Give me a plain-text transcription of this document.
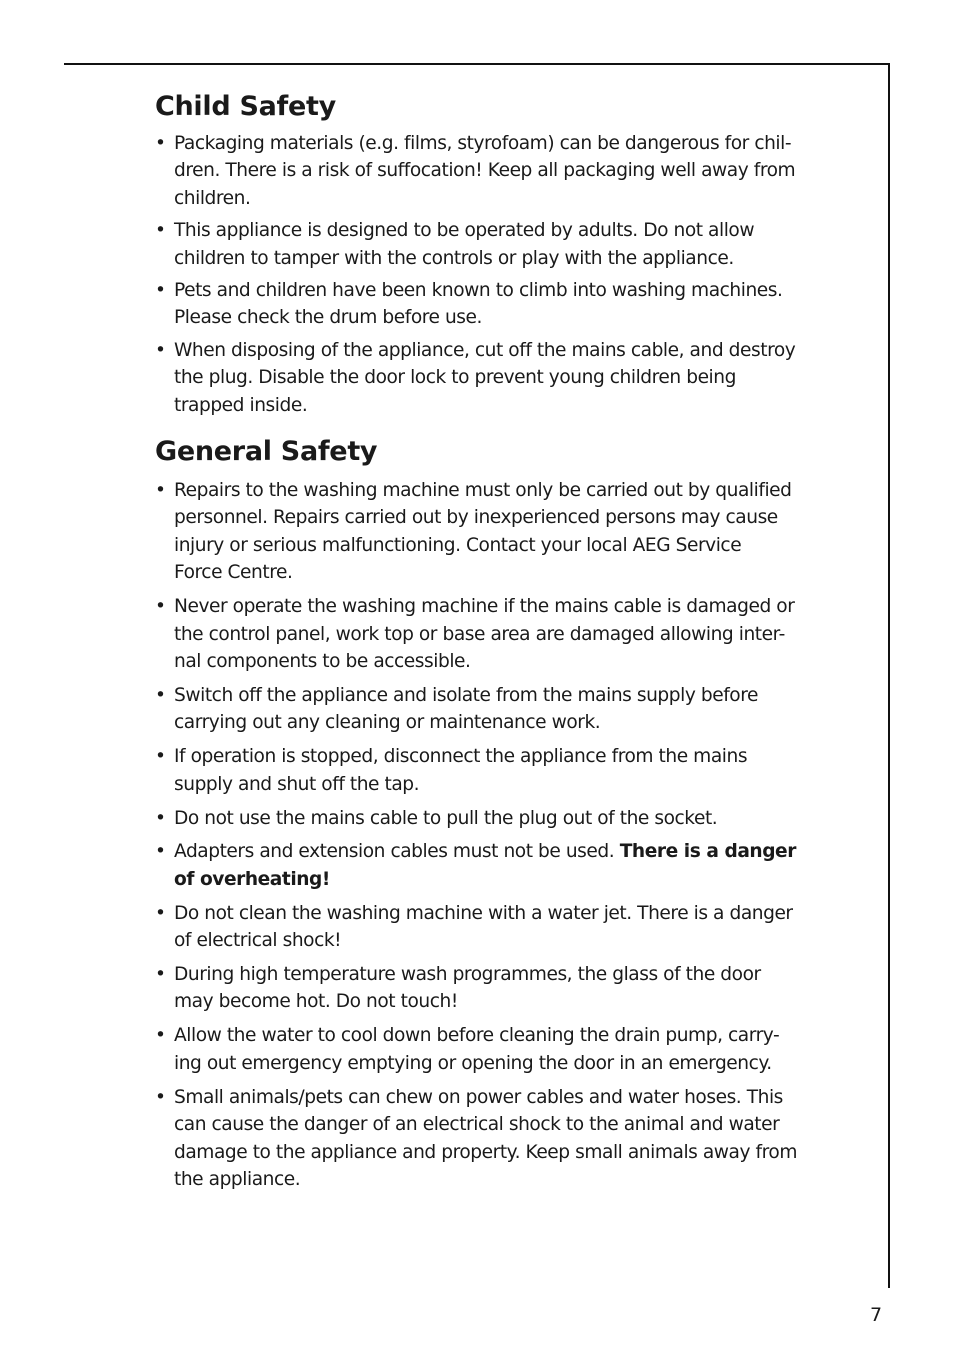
Child Safety
• Packaging materials (e.g. films, styrofoam) can be dangerous for chil-
dren. There is a risk of suffocation! Keep all packaging well away from
children.
• This appliance is designed to be operated by adults. Do not allow
children to tamper with the controls or play with the appliance.
• Pets and children have been known to climb into washing machines.
Please check the drum before use.
• When disposing of the appliance, cut off the mains cable, and destroy
the plug. Disable the door lock to prevent young children being
trapped inside.
General Safety
• Repairs to the washing machine must only be carried out by qualified
personnel. Repairs carried out by inexperienced persons may cause
injury or serious malfunctioning. Contact your local AEG Service
Force Centre.
• Never operate the washing machine if the mains cable is damaged or
the control panel, work top or base area are damaged allowing inter-
nal components to be accessible.
• Switch off the appliance and isolate from the mains supply before
carrying out any cleaning or maintenance work.
• If operation is stopped, disconnect the appliance from the mains
supply and shut off the tap.
• Do not use the mains cable to pull the plug out of the socket.
• Adapters and extension cables must not be used. There is a danger
of overheating!
• Do not clean the washing machine with a water jet. There is a danger
of electrical shock!
• During high temperature wash programmes, the glass of the door
may become hot. Do not touch!
• Allow the water to cool down before cleaning the drain pump, carry-
ing out emergency emptying or opening the door in an emergency.
• Small animals/pets can chew on power cables and water hoses. This
can cause the danger of an electrical shock to the animal and water
damage to the appliance and property. Keep small animals away from
the appliance.
7
